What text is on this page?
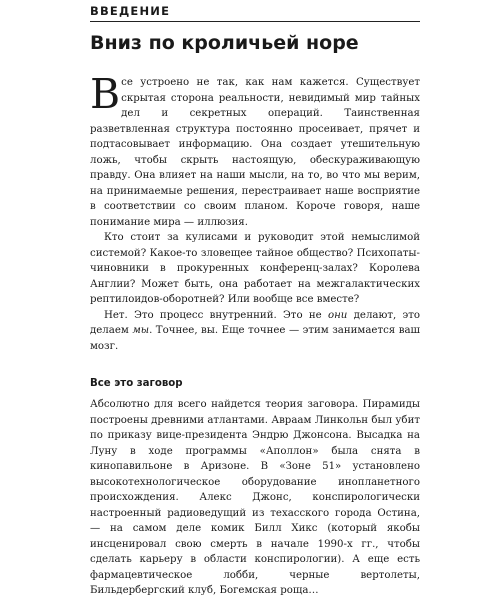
ВВЕДЕНИЕ
Вниз по кроличьей норе

Все устроено не так, как нам кажется. Существует скрытая сторона реальности, невидимый мир тайных дел и секретных операций. Таинственная разветвленная структура постоянно просеивает, прячет и подтасовывает информацию. Она создает утешительную ложь, чтобы скрыть настоящую, обескураживающую правду. Она влияет на наши мысли, на то, во что мы верим, на принимаемые решения, перестраивает наше восприятие в соответствии со своим планом. Короче говоря, наше понимание мира — иллюзия.

Кто стоит за кулисами и руководит этой немыслимой системой? Какое-то зловещее тайное общество? Психопаты-чиновники в прокуренных конференц-залах? Королева Англии? Может быть, она работает на межгалактических рептилоидов-оборотней? Или вообще все вместе?

Нет. Это процесс внутренний. Это не они делают, это делаем мы. Точнее, вы. Еще точнее — этим занимается ваш мозг.

Все это заговор

Абсолютно для всего найдется теория заговора. Пирамиды построены древними атлантами. Авраам Линкольн был убит по приказу вице-президента Эндрю Джонсона. Высадка на Луну в ходе программы «Аполлон» была снята в кинопавильоне в Аризоне. В «Зоне 51» установлено высокотехнологическое оборудование инопланетного происхождения. Алекс Джонс, конспирологически настроенный радиоведущий из техасского города Остина, — на самом деле комик Билл Хикс (который якобы инсценировал свою смерть в начале 1990-х гг., чтобы сделать карьеру в области конспирологии). А еще есть фармацевтическое лобби, черные вертолеты, Бильдербергский клуб, Богемская роща…
